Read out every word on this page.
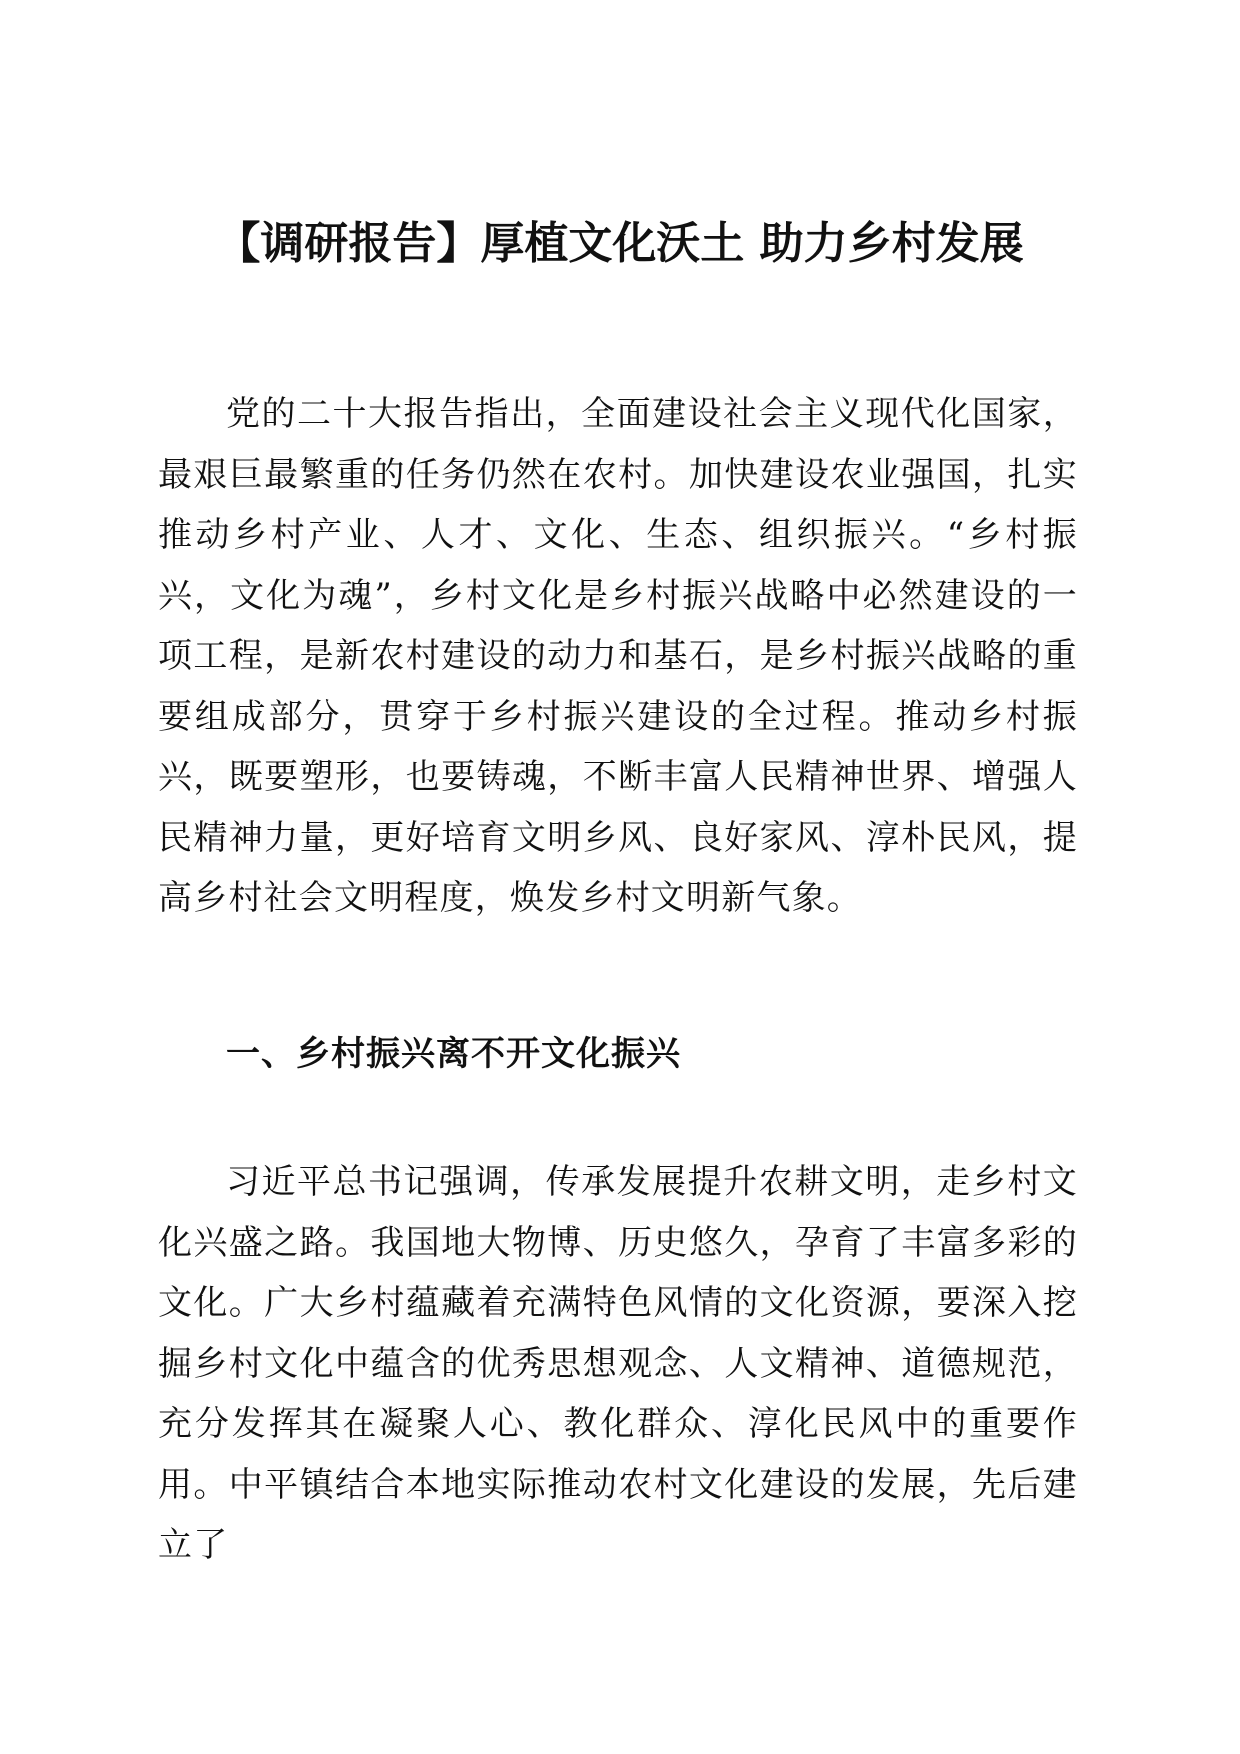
【调研报告】厚植文化沃土 助力乡村发展

党的二十大报告指出，全面建设社会主义现代化国家，最艰巨最繁重的任务仍然在农村。加快建设农业强国，扎实推动乡村产业、人才、文化、生态、组织振兴。“乡村振兴，文化为魂”，乡村文化是乡村振兴战略中必然建设的一项工程，是新农村建设的动力和基石，是乡村振兴战略的重要组成部分，贯穿于乡村振兴建设的全过程。推动乡村振兴，既要塑形，也要铸魂，不断丰富人民精神世界、增强人民精神力量，更好培育文明乡风、良好家风、淳朴民风，提高乡村社会文明程度，焕发乡村文明新气象。

一、乡村振兴离不开文化振兴

习近平总书记强调，传承发展提升农耕文明，走乡村文化兴盛之路。我国地大物博、历史悠久，孕育了丰富多彩的文化。广大乡村蕴藏着充满特色风情的文化资源，要深入挖掘乡村文化中蕴含的优秀思想观念、人文精神、道德规范，充分发挥其在凝聚人心、教化群众、淳化民风中的重要作用。中平镇结合本地实际推动农村文化建设的发展，先后建立了
